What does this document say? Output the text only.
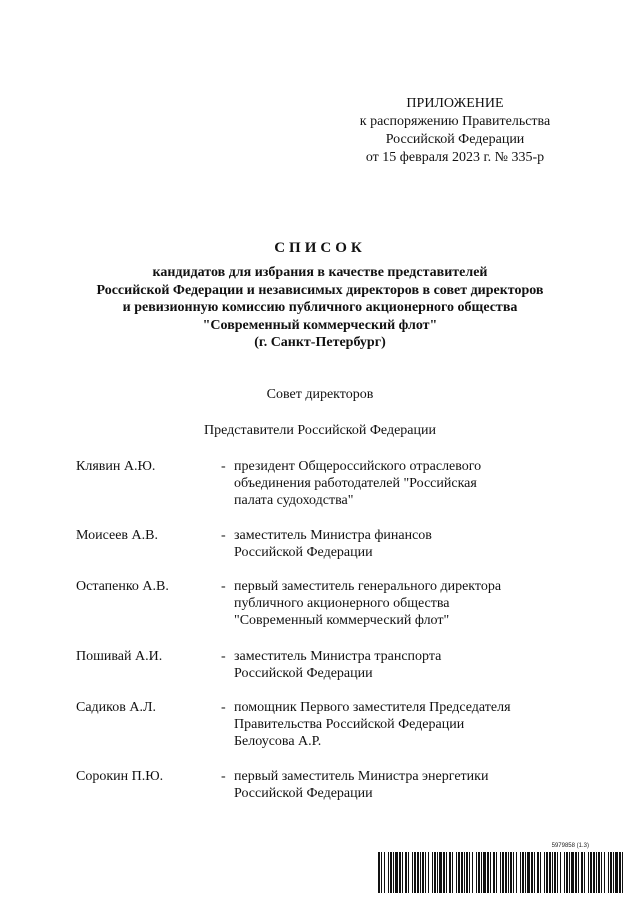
ПРИЛОЖЕНИЕ
к распоряжению Правительства
Российской Федерации
от 15 февраля 2023 г. № 335-р
СПИСОК
кандидатов для избрания в качестве представителей
Российской Федерации и независимых директоров в совет директоров
и ревизионную комиссию публичного акционерного общества
"Современный коммерческий флот"
(г. Санкт-Петербург)
Совет директоров
Представители Российской Федерации
Клявин А.Ю.	- президент Общероссийского отраслевого
объединения работодателей "Российская
палата судоходства"
Моисеев А.В.	- заместитель Министра финансов
Российской Федерации
Остапенко А.В.	- первый заместитель генерального директора
публичного акционерного общества
"Современный коммерческий флот"
Пошивай А.И.	- заместитель Министра транспорта
Российской Федерации
Садиков А.Л.	- помощник Первого заместителя Председателя
Правительства Российской Федерации
Белоусова А.Р.
Сорокин П.Ю.	- первый заместитель Министра энергетики
Российской Федерации
5979858 (1.3)
